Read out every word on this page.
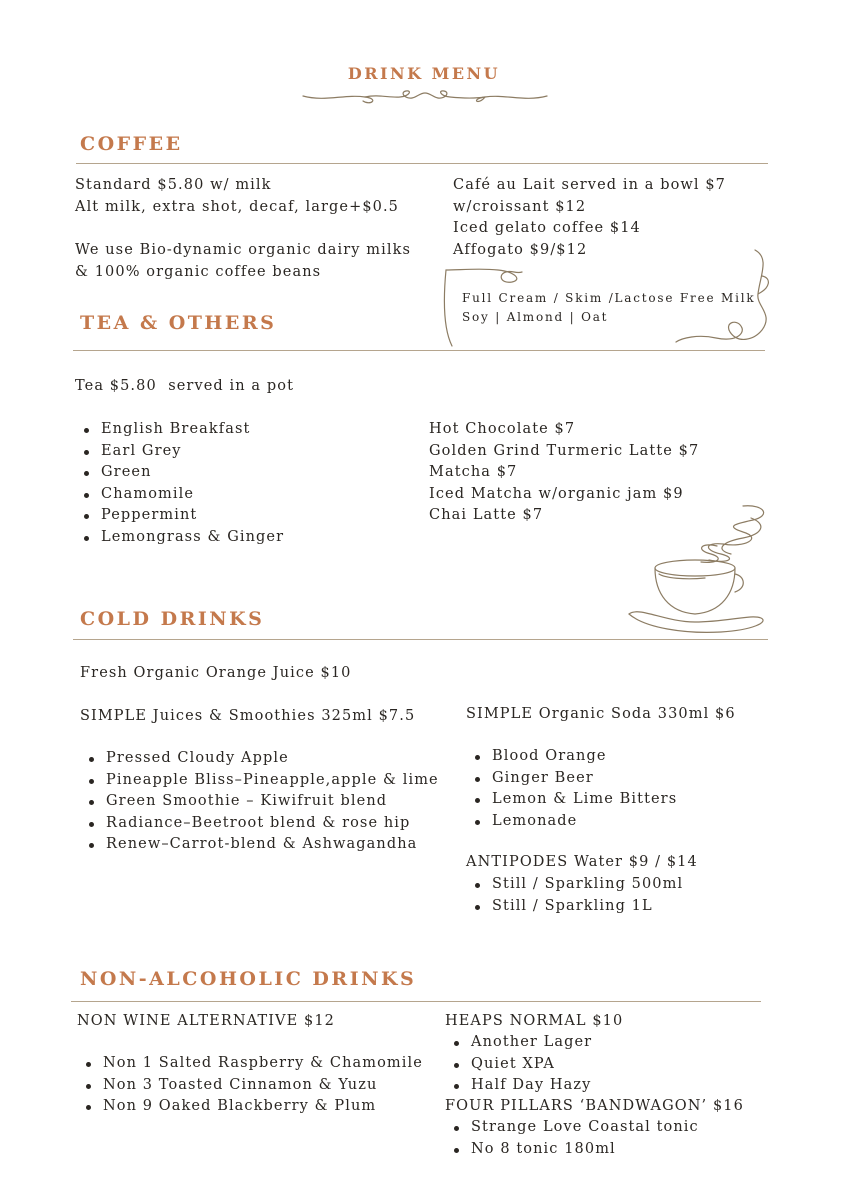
DRINK MENU
COFFEE
Standard $5.80 w/ milk
Alt milk, extra shot, decaf, large+$0.5
We use Bio-dynamic organic dairy milks
& 100% organic coffee beans
Café au Lait served in a bowl $7
w/croissant $12
Iced gelato coffee $14
Affogato $9/$12
Full Cream / Skim /Lactose Free Milk
Soy | Almond | Oat
TEA & OTHERS
Tea $5.80  served in a pot
English Breakfast
Earl Grey
Green
Chamomile
Peppermint
Lemongrass & Ginger
Hot Chocolate $7
Golden Grind Turmeric Latte $7
Matcha $7
Iced Matcha w/organic jam $9
Chai Latte $7
COLD DRINKS
Fresh Organic Orange Juice $10
SIMPLE Juices & Smoothies 325ml $7.5
Pressed Cloudy Apple
Pineapple Bliss–Pineapple,apple & lime
Green Smoothie – Kiwifruit blend
Radiance–Beetroot blend & rose hip
Renew–Carrot-blend & Ashwagandha
SIMPLE Organic Soda 330ml $6
Blood Orange
Ginger Beer
Lemon & Lime Bitters
Lemonade
ANTIPODES Water $9 / $14
Still / Sparkling 500ml
Still / Sparkling 1L
NON-ALCOHOLIC DRINKS
NON WINE ALTERNATIVE $12
Non 1 Salted Raspberry & Chamomile
Non 3 Toasted Cinnamon & Yuzu
Non 9 Oaked Blackberry & Plum
HEAPS NORMAL $10
Another Lager
Quiet XPA
Half Day Hazy
FOUR PILLARS ‘BANDWAGON’ $16
Strange Love Coastal tonic
No 8 tonic 180ml
